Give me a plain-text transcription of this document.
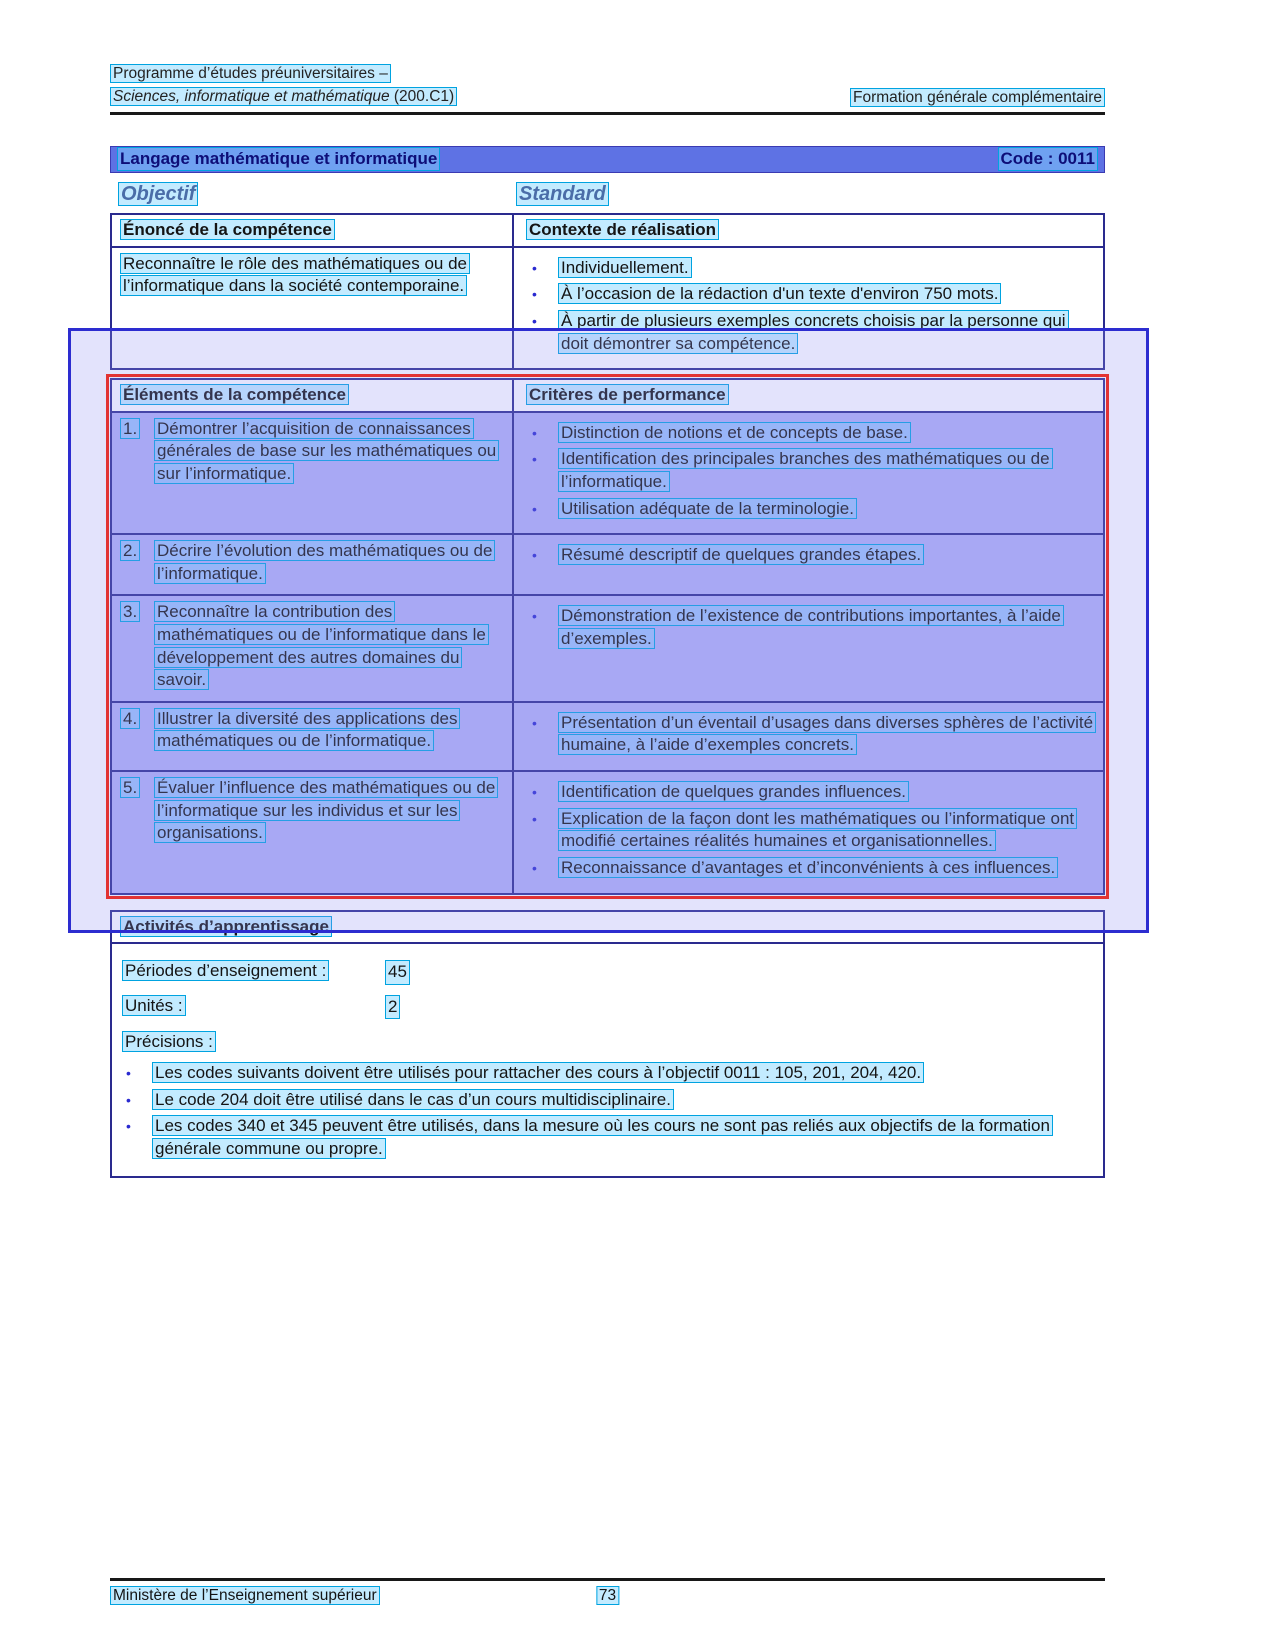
Programme d’études préuniversitaires –
Sciences, informatique et mathématique (200.C1)	Formation générale complémentaire
Langage mathématique et informatique	Code : 0011
Objectif	Standard
Énoncé de la compétence	Contexte de réalisation
Reconnaître le rôle des mathématiques ou de l’informatique dans la société contemporaine.
•
Individuellement.
•
À l’occasion de la rédaction d'un texte d'environ 750 mots.
•
À partir de plusieurs exemples concrets choisis par la personne qui doit démontrer sa compétence.
Éléments de la compétence	Critères de performance
1.	Démontrer l’acquisition de connaissances générales de base sur les mathématiques ou sur l’informatique.
•
Distinction de notions et de concepts de base.
•
Identification des principales branches des mathématiques ou de l’informatique.
•
Utilisation adéquate de la terminologie.
2.	Décrire l’évolution des mathématiques ou de l’informatique.
•
Résumé descriptif de quelques grandes étapes.
3.	Reconnaître la contribution des mathématiques ou de l’informatique dans le développement des autres domaines du savoir.
•
Démonstration de l’existence de contributions importantes, à l’aide d’exemples.
4.	Illustrer la diversité des applications des mathématiques ou de l’informatique.
•
Présentation d’un éventail d’usages dans diverses sphères de l’activité humaine, à l’aide d’exemples concrets.
5.	Évaluer l’influence des mathématiques ou de l’informatique sur les individus et sur les organisations.
•
Identification de quelques grandes influences.
•
Explication de la façon dont les mathématiques ou l’informatique ont modifié certaines réalités humaines et organisationnelles.
•
Reconnaissance d’avantages et d’inconvénients à ces influences.
Activités d’apprentissage
Périodes d’enseignement :	45
Unités :	2
Précisions :
•
Les codes suivants doivent être utilisés pour rattacher des cours à l’objectif 0011 : 105, 201, 204, 420.
•
Le code 204 doit être utilisé dans le cas d’un cours multidisciplinaire.
•
Les codes 340 et 345 peuvent être utilisés, dans la mesure où les cours ne sont pas reliés aux objectifs de la formation générale commune ou propre.
Ministère de l’Enseignement supérieur	73
